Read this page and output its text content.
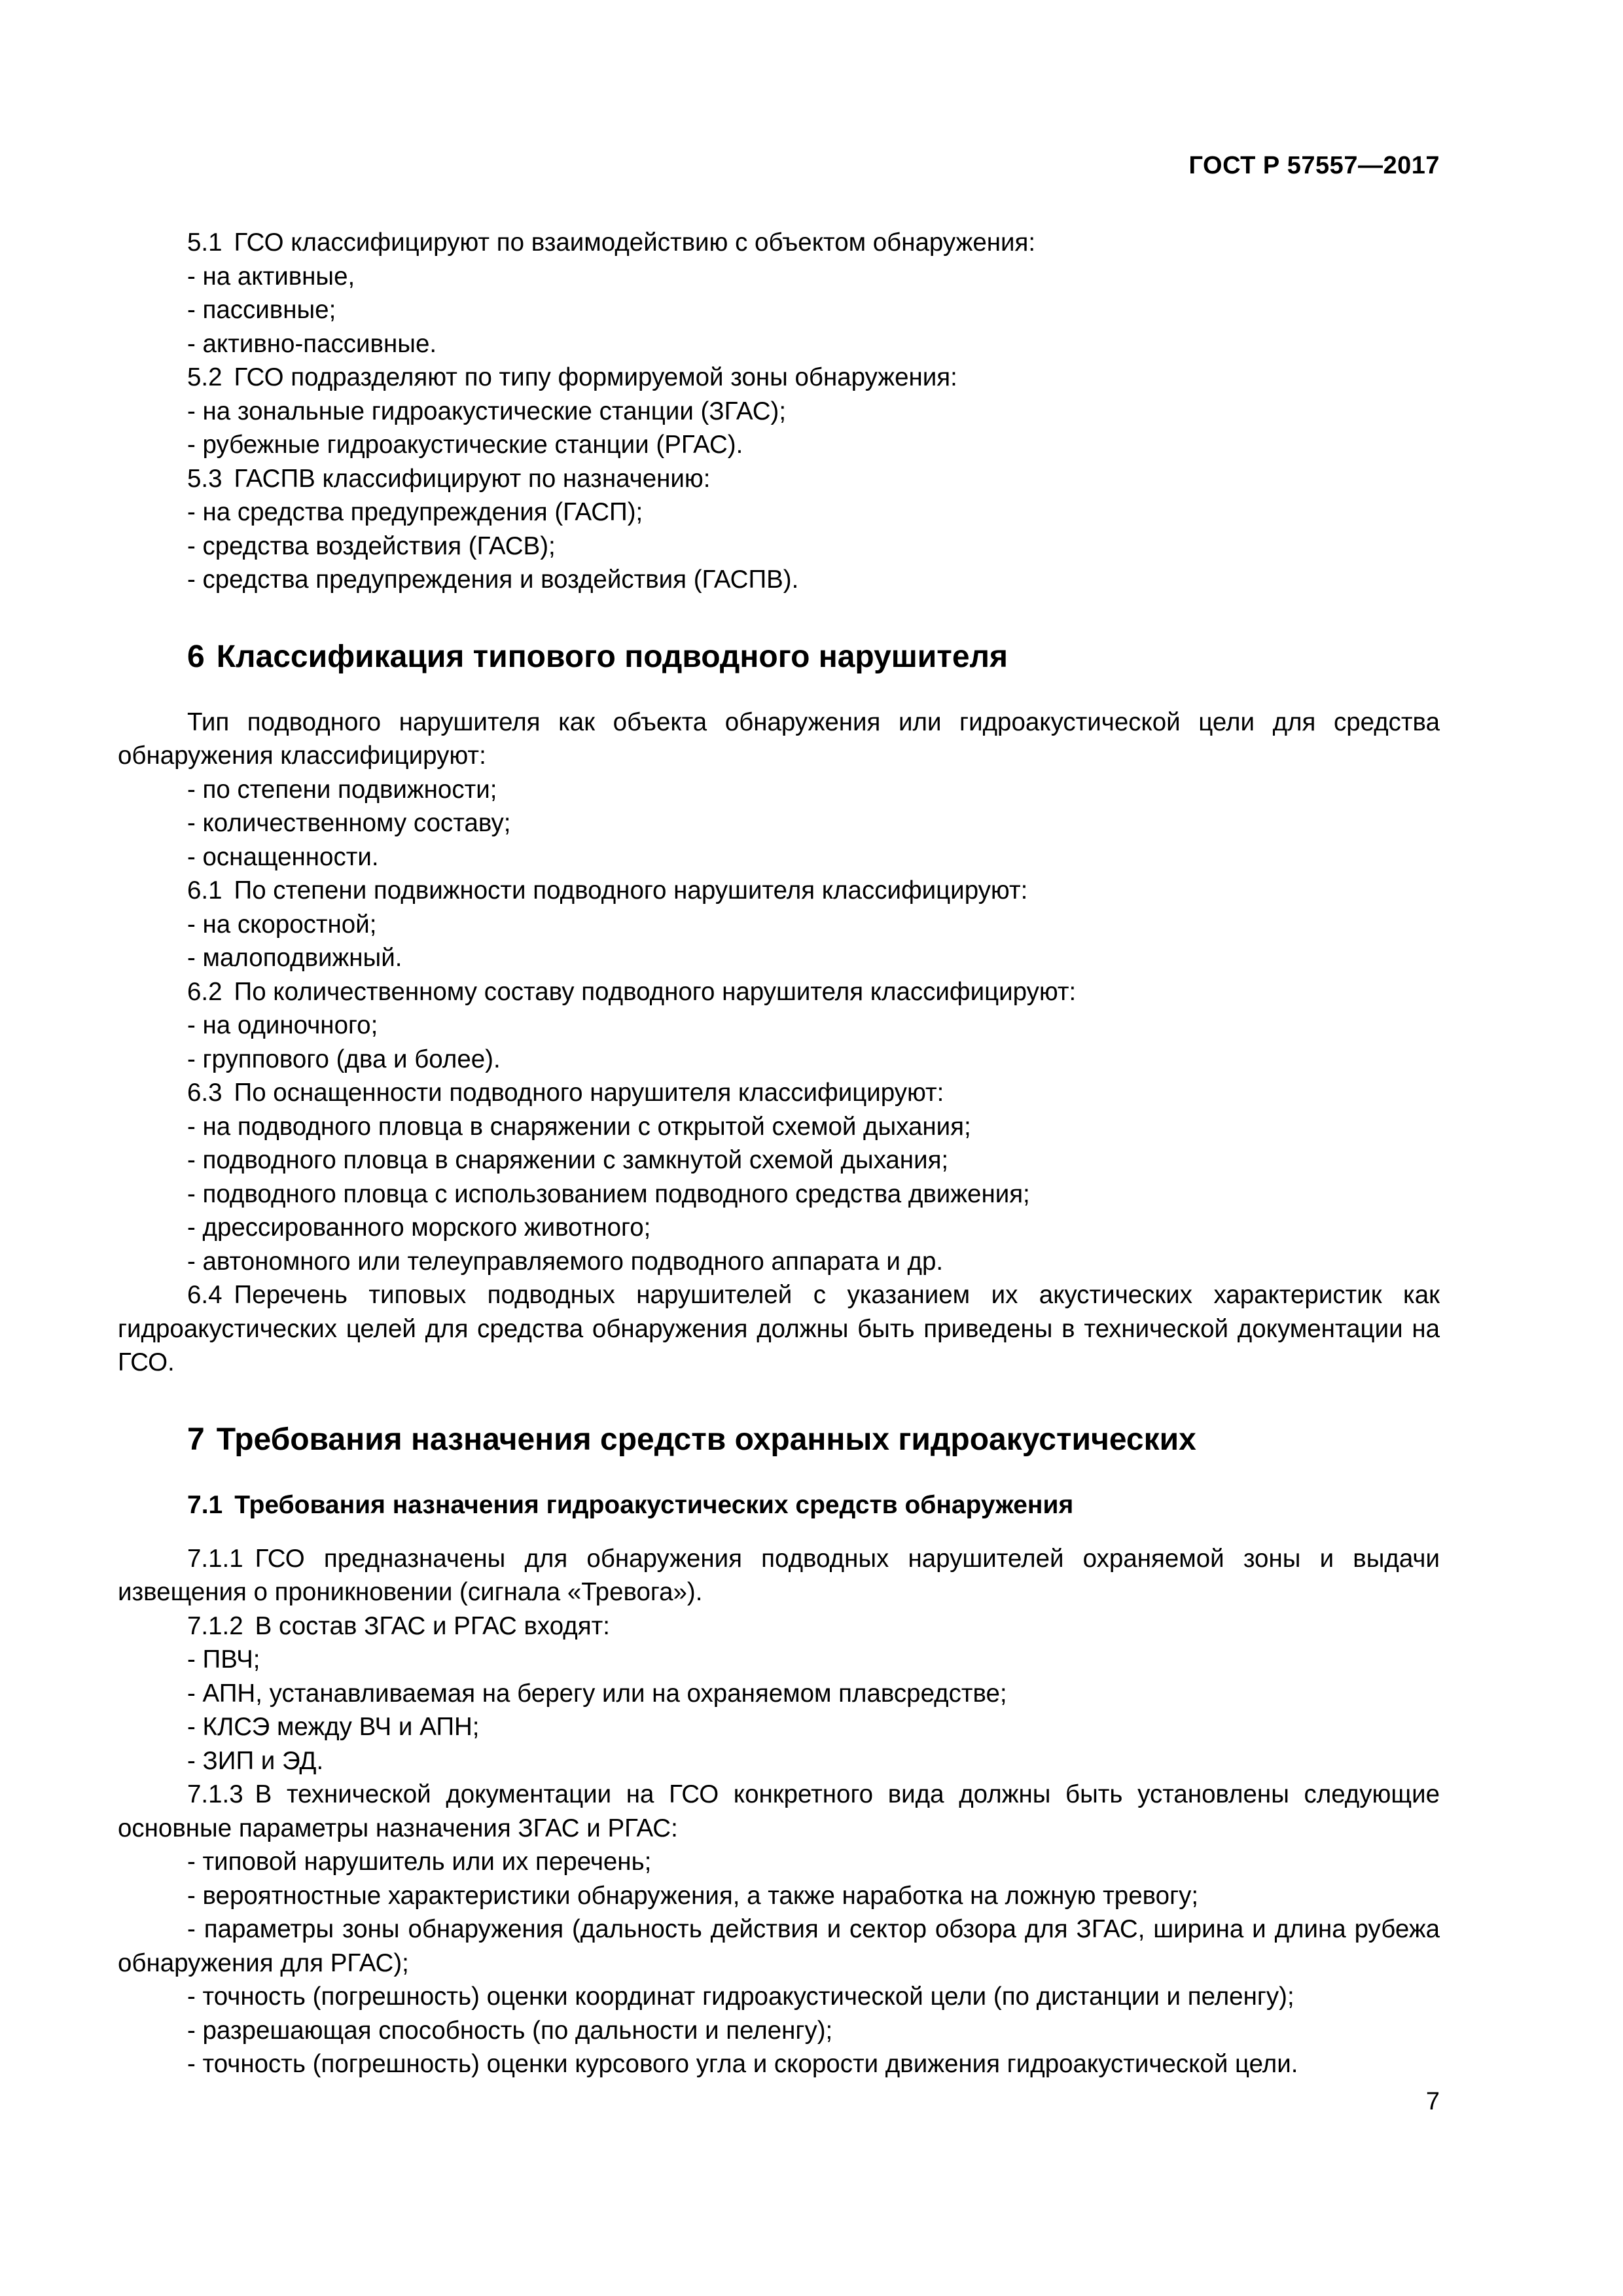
ГОСТ Р 57557—2017

5.1 ГСО классифицируют по взаимодействию с объектом обнаружения:

- на активные,

- пассивные;

- активно-пассивные.

5.2 ГСО подразделяют по типу формируемой зоны обнаружения:

- на зональные гидроакустические станции (ЗГАС);

- рубежные гидроакустические станции (РГАС).

5.3 ГАСПВ классифицируют по назначению:

- на средства предупреждения (ГАСП);

- средства воздействия (ГАСВ);

- средства предупреждения и воздействия (ГАСПВ).

6 Классификация типового подводного нарушителя

Тип подводного нарушителя как объекта обнаружения или гидроакустической цели для средства обнаружения классифицируют:

- по степени подвижности;

- количественному составу;

- оснащенности.

6.1 По степени подвижности подводного нарушителя классифицируют:

- на скоростной;

- малоподвижный.

6.2 По количественному составу подводного нарушителя классифицируют:

- на одиночного;

- группового (два и более).

6.3 По оснащенности подводного нарушителя классифицируют:

- на подводного пловца в снаряжении с открытой схемой дыхания;

- подводного пловца в снаряжении с замкнутой схемой дыхания;

- подводного пловца с использованием подводного средства движения;

- дрессированного морского животного;

- автономного или телеуправляемого подводного аппарата и др.

6.4 Перечень типовых подводных нарушителей с указанием их акустических характеристик как гидроакустических целей для средства обнаружения должны быть приведены в технической документации на ГСО.

7 Требования назначения средств охранных гидроакустических
7.1 Требования назначения гидроакустических средств обнаружения

7.1.1 ГСО предназначены для обнаружения подводных нарушителей охраняемой зоны и выдачи извещения о проникновении (сигнала «Тревога»).

7.1.2 В состав ЗГАС и РГАС входят:

- ПВЧ;

- АПН, устанавливаемая на берегу или на охраняемом плавсредстве;

- КЛСЭ между ВЧ и АПН;

- ЗИП и ЭД.

7.1.3 В технической документации на ГСО конкретного вида должны быть установлены следующие основные параметры назначения ЗГАС и РГАС:

- типовой нарушитель или их перечень;

- вероятностные характеристики обнаружения, а также наработка на ложную тревогу;

- параметры зоны обнаружения (дальность действия и сектор обзора для ЗГАС, ширина и длина рубежа обнаружения для РГАС);

- точность (погрешность) оценки координат гидроакустической цели (по дистанции и пеленгу);

- разрешающая способность (по дальности и пеленгу);

- точность (погрешность) оценки курсового угла и скорости движения гидроакустической цели.

7
